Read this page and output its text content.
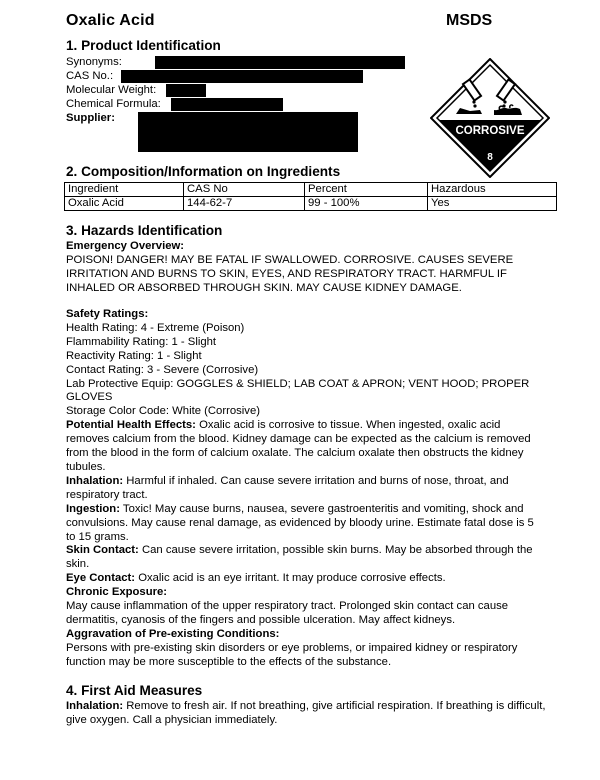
Oxalic Acid	MSDS
1. Product Identification
Synonyms:
CAS No.:
Molecular Weight:
Chemical Formula:
Supplier:
CORROSIVE
8
2. Composition/Information on Ingredients
Ingredient	CAS No	Percent	Hazardous
Oxalic Acid	144-62-7	99 - 100%	Yes
3. Hazards Identification

Emergency Overview:

POISON! DANGER! MAY BE FATAL IF SWALLOWED. CORROSIVE. CAUSES SEVERE IRRITATION AND BURNS TO SKIN, EYES, AND RESPIRATORY TRACT. HARMFUL IF INHALED OR ABSORBED THROUGH SKIN. MAY CAUSE KIDNEY DAMAGE.

Safety Ratings:

Health Rating: 4 - Extreme (Poison)

Flammability Rating: 1 - Slight

Reactivity Rating: 1 - Slight

Contact Rating: 3 - Severe (Corrosive)

Lab Protective Equip: GOGGLES & SHIELD; LAB COAT & APRON; VENT HOOD; PROPER GLOVES

Storage Color Code: White (Corrosive)

Potential Health Effects: Oxalic acid is corrosive to tissue. When ingested, oxalic acid removes calcium from the blood. Kidney damage can be expected as the calcium is removed from the blood in the form of calcium oxalate. The calcium oxalate then obstructs the kidney tubules.

Inhalation: Harmful if inhaled. Can cause severe irritation and burns of nose, throat, and respiratory tract.

Ingestion: Toxic! May cause burns, nausea, severe gastroenteritis and vomiting, shock and convulsions. May cause renal damage, as evidenced by bloody urine. Estimate fatal dose is 5 to 15 grams.

Skin Contact: Can cause severe irritation, possible skin burns. May be absorbed through the skin.

Eye Contact: Oxalic acid is an eye irritant. It may produce corrosive effects.

Chronic Exposure:

May cause inflammation of the upper respiratory tract. Prolonged skin contact can cause dermatitis, cyanosis of the fingers and possible ulceration. May affect kidneys.

Aggravation of Pre-existing Conditions:

Persons with pre-existing skin disorders or eye problems, or impaired kidney or respiratory function may be more susceptible to the effects of the substance.

4. First Aid Measures

Inhalation: Remove to fresh air. If not breathing, give artificial respiration. If breathing is difficult, give oxygen. Call a physician immediately.
